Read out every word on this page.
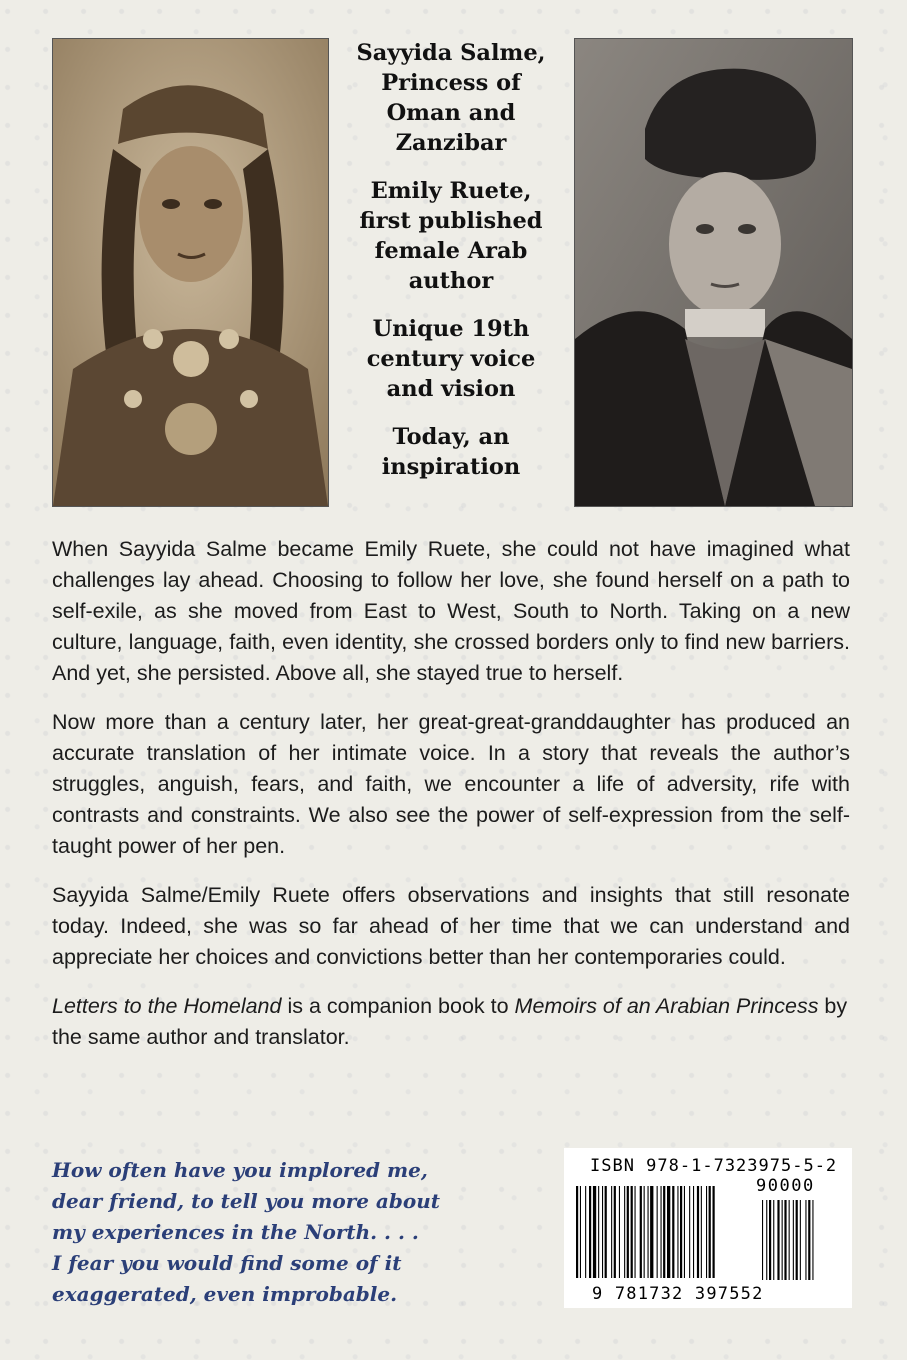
Sayyida Salme, Princess of Oman and Zanzibar

Emily Ruete, first published female Arab author

Unique 19th century voice and vision

Today, an inspiration

When Sayyida Salme became Emily Ruete, she could not have imagined what challenges lay ahead. Choosing to follow her love, she found herself on a path to self-exile, as she moved from East to West, South to North. Taking on a new culture, language, faith, even identity, she crossed borders only to find new barriers. And yet, she persisted. Above all, she stayed true to herself.

Now more than a century later, her great-great-granddaughter has produced an accurate translation of her intimate voice. In a story that reveals the author’s struggles, anguish, fears, and faith, we encounter a life of adversity, rife with contrasts and constraints. We also see the power of self-expression from the self-taught power of her pen.

Sayyida Salme/Emily Ruete offers observations and insights that still resonate today. Indeed, she was so far ahead of her time that we can understand and appreciate her choices and convictions better than her contemporaries could.

Letters to the Homeland is a companion book to Memoirs of an Arabian Princess by the same author and translator.

How often have you implored me,
dear friend, to tell you more about
my experiences in the North. . . .
I fear you would find some of it
exaggerated, even improbable.
ISBN 978-1-7323975-5-2
90000
9 781732 397552
